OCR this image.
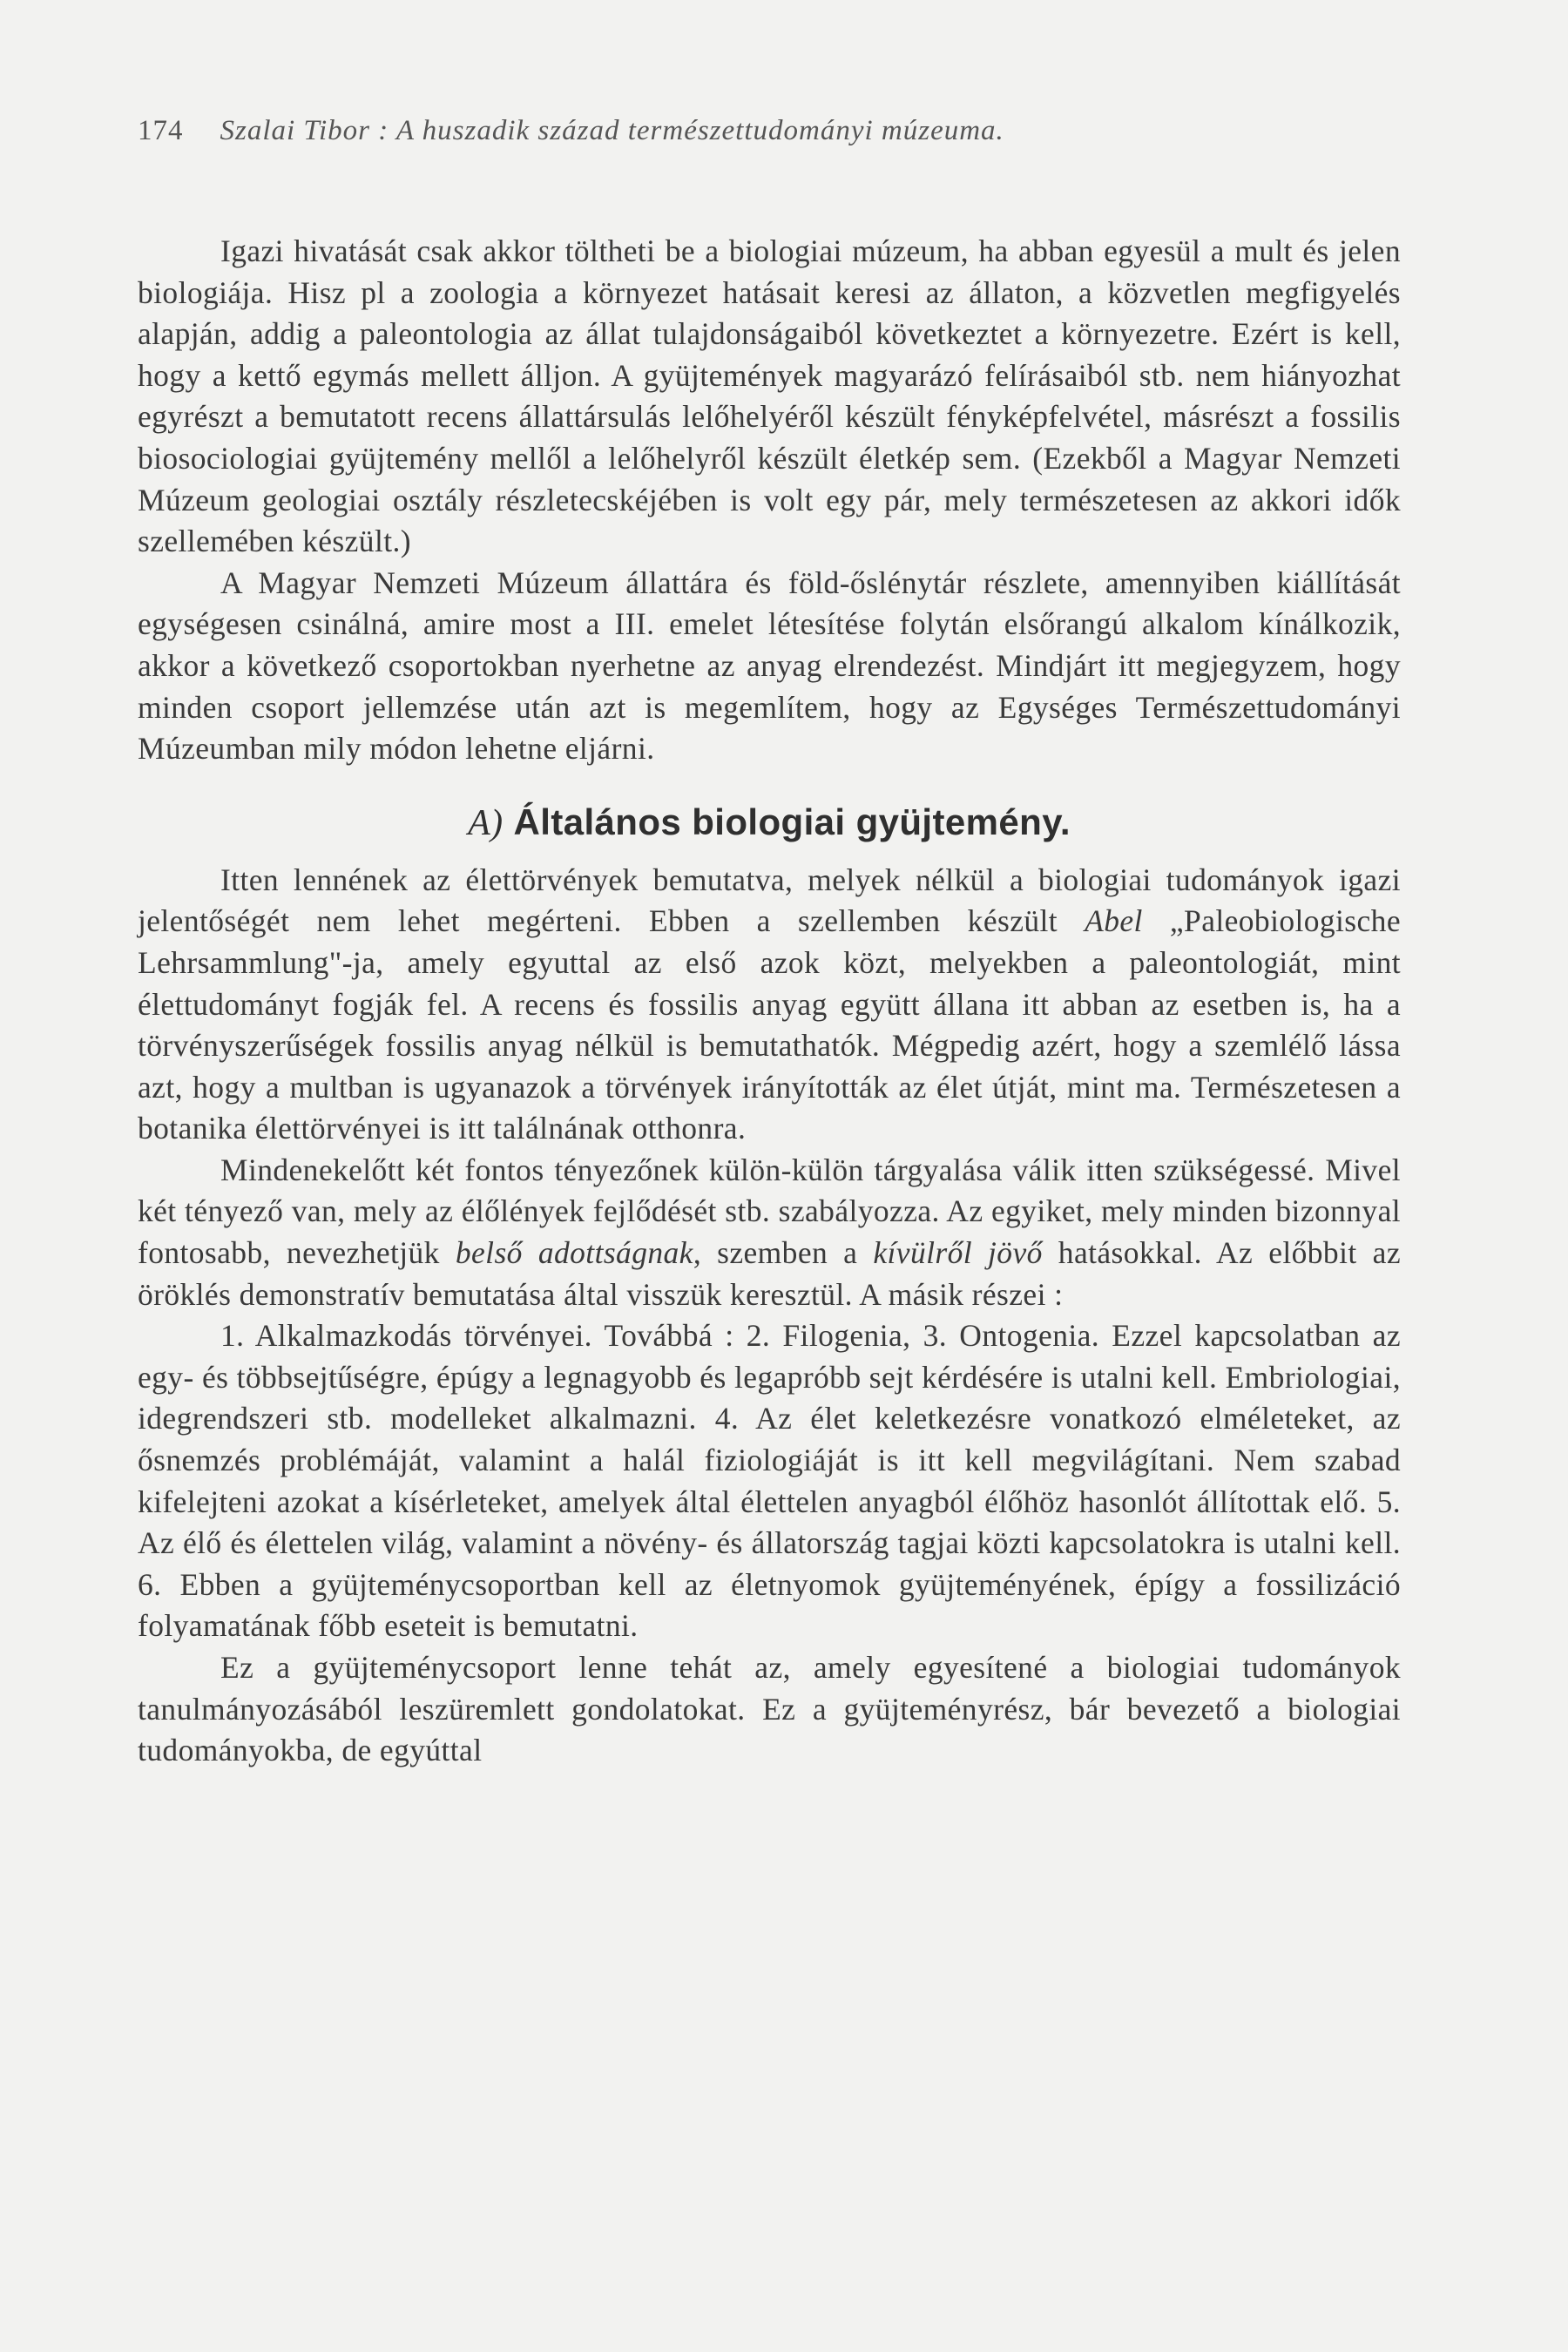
174 Szalai Tibor : A huszadik század természettudományi múzeuma.

Igazi hivatását csak akkor töltheti be a biologiai múzeum, ha abban egyesül a mult és jelen biologiája. Hisz pl a zoologia a környezet hatásait keresi az állaton, a közvetlen megfigyelés alapján, addig a paleontologia az állat tulajdonságaiból következtet a környezetre. Ezért is kell, hogy a kettő egymás mellett álljon. A gyüjtemények magyarázó felírásaiból stb. nem hiányozhat egyrészt a bemutatott recens állattársulás lelőhelyéről készült fényképfelvétel, másrészt a fossilis biosociologiai gyüjtemény mellől a lelőhelyről készült életkép sem. (Ezekből a Magyar Nemzeti Múzeum geologiai osztály részletecskéjében is volt egy pár, mely természetesen az akkori idők szellemében készült.)

A Magyar Nemzeti Múzeum állattára és föld-őslénytár részlete, amennyiben kiállítását egységesen csinálná, amire most a III. emelet létesítése folytán elsőrangú alkalom kínálkozik, akkor a következő csoportokban nyerhetne az anyag elrendezést. Mindjárt itt megjegyzem, hogy minden csoport jellemzése után azt is megemlítem, hogy az Egységes Természettudományi Múzeumban mily módon lehetne eljárni.

A) Általános biologiai gyüjtemény.

Itten lennének az élettörvények bemutatva, melyek nélkül a biologiai tudományok igazi jelentőségét nem lehet megérteni. Ebben a szellemben készült Abel „Paleobiologische Lehrsammlung"-ja, amely egyuttal az első azok közt, melyekben a paleontologiát, mint élettudományt fogják fel. A recens és fossilis anyag együtt állana itt abban az esetben is, ha a törvényszerűségek fossilis anyag nélkül is bemutathatók. Mégpedig azért, hogy a szemlélő lássa azt, hogy a multban is ugyanazok a törvények irányították az élet útját, mint ma. Természetesen a botanika élettörvényei is itt találnának otthonra.

Mindenekelőtt két fontos tényezőnek külön-külön tárgyalása válik itten szükségessé. Mivel két tényező van, mely az élőlények fejlődését stb. szabályozza. Az egyiket, mely minden bizonnyal fontosabb, nevezhetjük belső adottságnak, szemben a kívülről jövő hatásokkal. Az előbbit az öröklés demonstratív bemutatása által visszük keresztül. A másik részei :

1. Alkalmazkodás törvényei. Továbbá : 2. Filogenia, 3. Ontogenia. Ezzel kapcsolatban az egy- és többsejtűségre, épúgy a legnagyobb és legapróbb sejt kérdésére is utalni kell. Embriologiai, idegrendszeri stb. modelleket alkalmazni. 4. Az élet keletkezésre vonatkozó elméleteket, az ősnemzés problémáját, valamint a halál fiziologiáját is itt kell megvilágítani. Nem szabad kifelejteni azokat a kísérleteket, amelyek által élettelen anyagból élőhöz hasonlót állítottak elő. 5. Az élő és élettelen világ, valamint a növény- és állatország tagjai közti kapcsolatokra is utalni kell. 6. Ebben a gyüjteménycsoportban kell az életnyomok gyüjteményének, épígy a fossilizáció folyamatának főbb eseteit is bemutatni.

Ez a gyüjteménycsoport lenne tehát az, amely egyesítené a biologiai tudományok tanulmányozásából leszüremlett gondolatokat. Ez a gyüjteményrész, bár bevezető a biologiai tudományokba, de egyúttal
